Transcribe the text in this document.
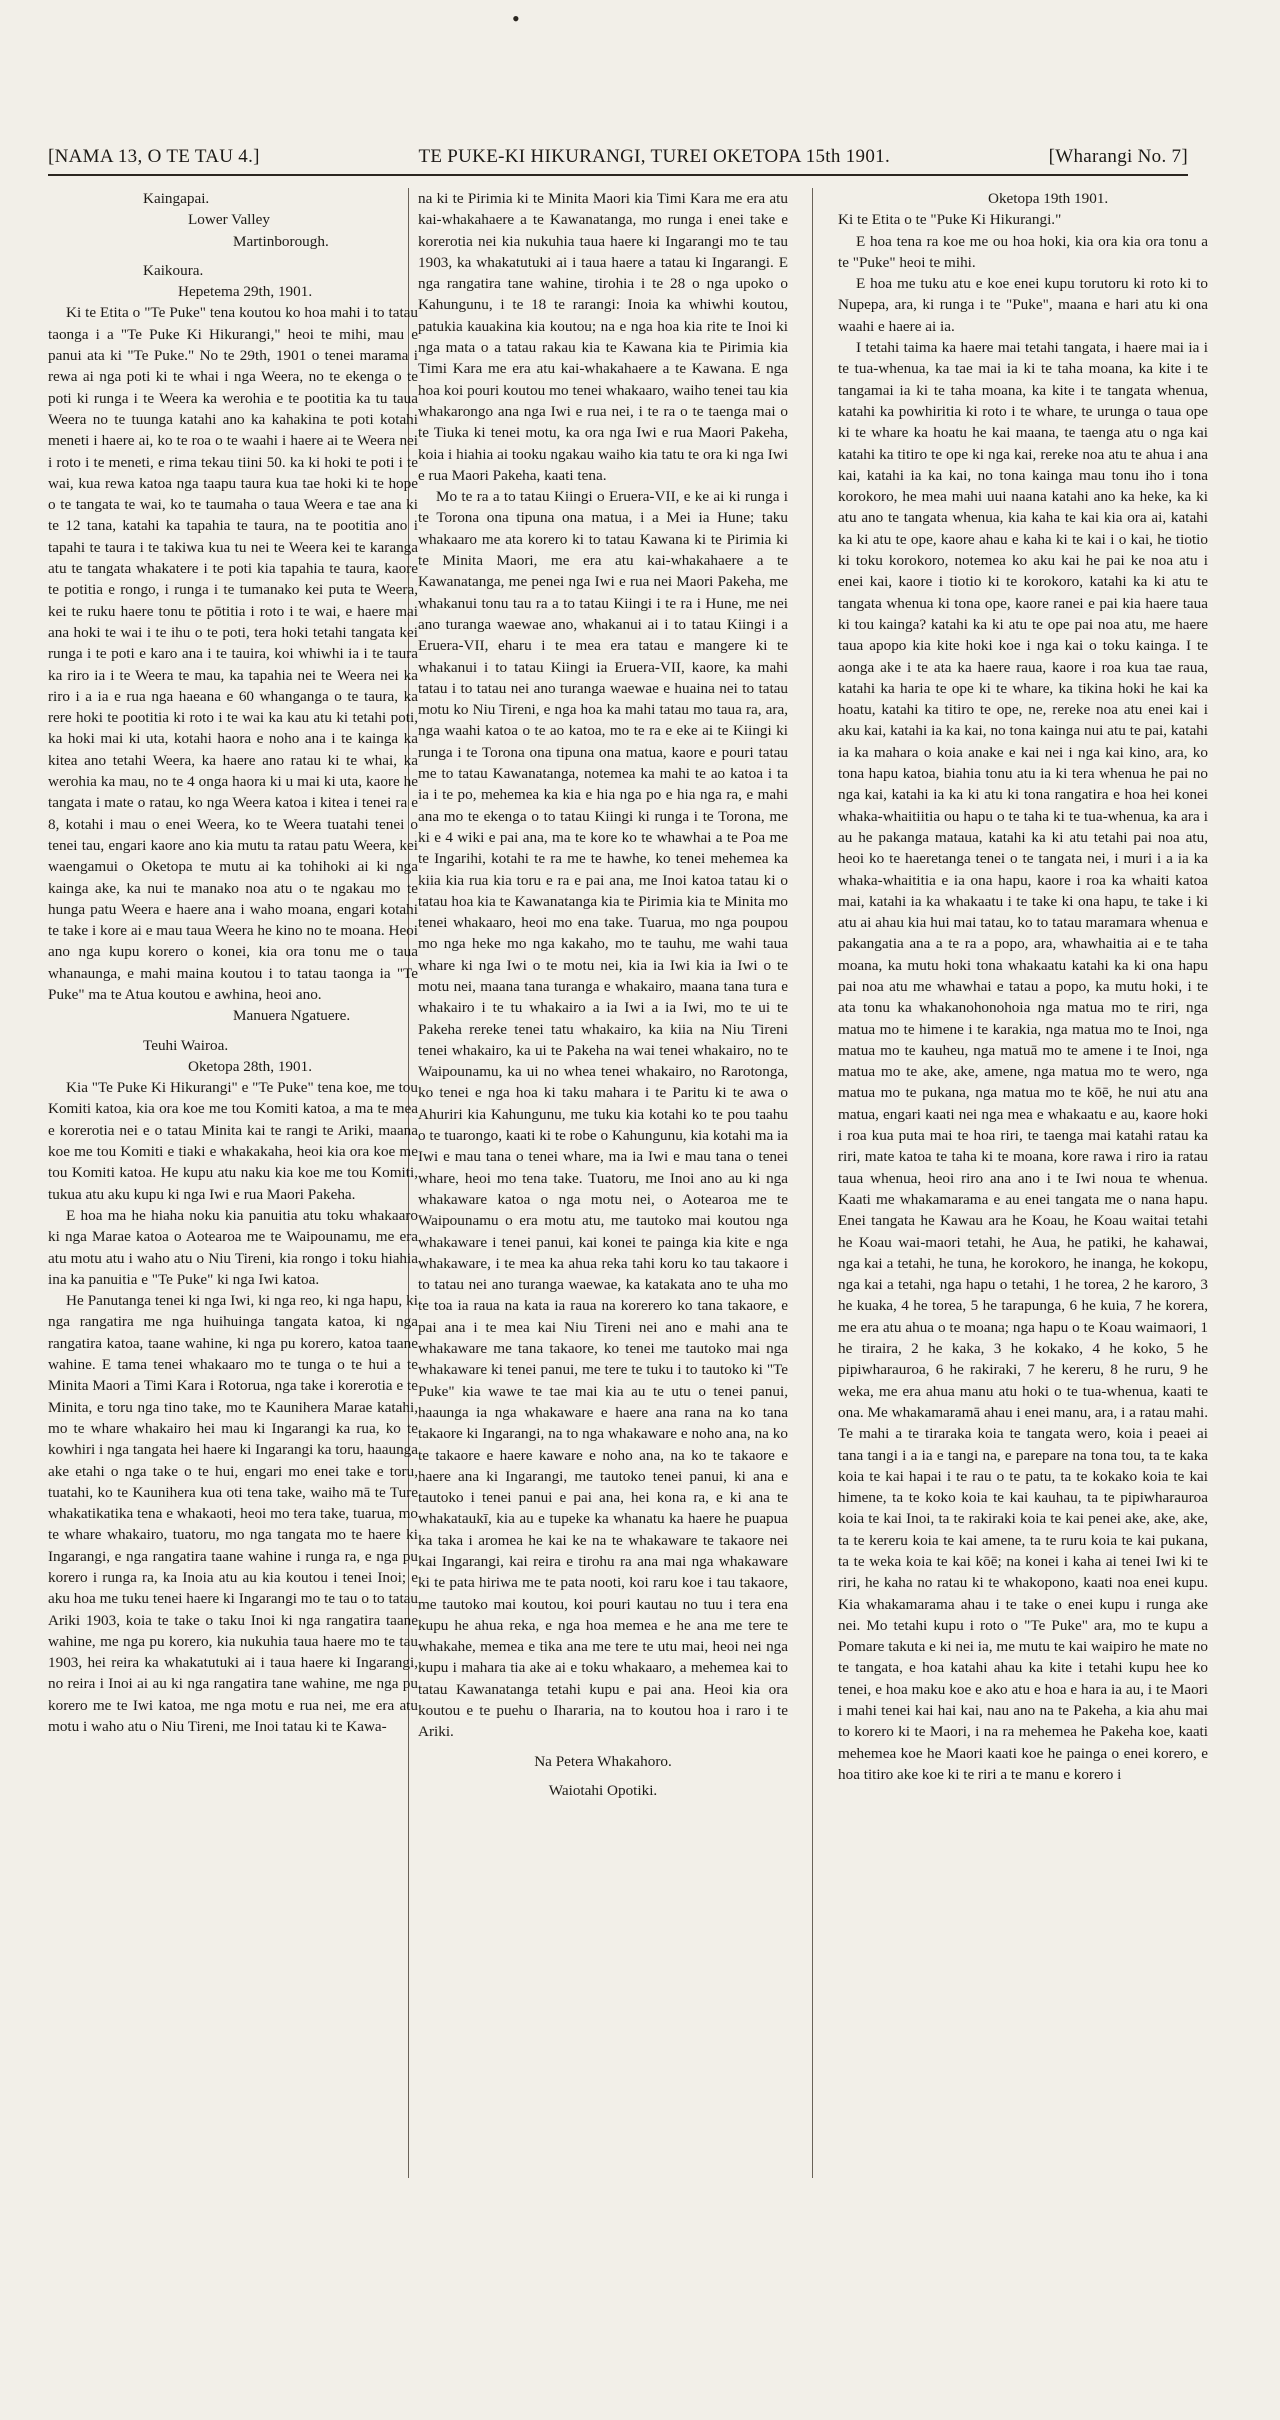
•
[NAMA 13, O TE TAU 4.]	TE PUKE-KI HIKURANGI, TUREI OKETOPA 15th 1901.	[Wharangi No. 7]

Kaingapai.

Lower Valley

Martinborough.

Kaikoura.

Hepetema 29th, 1901.

Ki te Etita o "Te Puke" tena koutou ko hoa mahi i to tatau taonga i a "Te Puke Ki Hikurangi," heoi te mihi, mau e panui ata ki "Te Puke." No te 29th, 1901 o tenei marama i rewa ai nga poti ki te whai i nga Weera, no te ekenga o te poti ki runga i te Weera ka werohia e te pootitia ka tu taua Weera no te tuunga katahi ano ka kahakina te poti kotahi meneti i haere ai, ko te roa o te waahi i haere ai te Weera nei i roto i te meneti, e rima tekau tiini 50. ka ki hoki te poti i te wai, kua rewa katoa nga taapu taura kua tae hoki ki te hope o te tangata te wai, ko te taumaha o taua Weera e tae ana ki te 12 tana, katahi ka tapahia te taura, na te pootitia ano i tapahi te taura i te takiwa kua tu nei te Weera kei te karanga atu te tangata whakatere i te poti kia tapahia te taura, kaore te potitia e rongo, i runga i te tumanako kei puta te Weera, kei te ruku haere tonu te pōtitia i roto i te wai, e haere mai ana hoki te wai i te ihu o te poti, tera hoki tetahi tangata kei runga i te poti e karo ana i te tauira, koi whiwhi ia i te taura ka riro ia i te Weera te mau, ka tapahia nei te Weera nei ka riro i a ia e rua nga haeana e 60 whanganga o te taura, ka rere hoki te pootitia ki roto i te wai ka kau atu ki tetahi poti, ka hoki mai ki uta, kotahi haora e noho ana i te kainga ka kitea ano tetahi Weera, ka haere ano ratau ki te whai, ka werohia ka mau, no te 4 onga haora ki u mai ki uta, kaore he tangata i mate o ratau, ko nga Weera katoa i kitea i tenei ra e 8, kotahi i mau o enei Weera, ko te Weera tuatahi tenei o tenei tau, engari kaore ano kia mutu ta ratau patu Weera, kei waengamui o Oketopa te mutu ai ka tohihoki ai ki nga kainga ake, ka nui te manako noa atu o te ngakau mo te hunga patu Weera e haere ana i waho moana, engari kotahi te take i kore ai e mau taua Weera he kino no te moana. Heoi ano nga kupu korero o konei, kia ora tonu me o taua whanaunga, e mahi maina koutou i to tatau taonga ia "Te Puke" ma te Atua koutou e awhina, heoi ano.

Manuera Ngatuere.

Teuhi Wairoa.

Oketopa 28th, 1901.

Kia "Te Puke Ki Hikurangi" e "Te Puke" tena koe, me tou Komiti katoa, kia ora koe me tou Komiti katoa, a ma te mea e korerotia nei e o tatau Minita kai te rangi te Ariki, maana koe me tou Komiti e tiaki e whakakaha, heoi kia ora koe me tou Komiti katoa. He kupu atu naku kia koe me tou Komiti, tukua atu aku kupu ki nga Iwi e rua Maori Pakeha.

E hoa ma he hiaha noku kia panuitia atu toku whakaaro ki nga Marae katoa o Aotearoa me te Waipounamu, me era atu motu atu i waho atu o Niu Tireni, kia rongo i toku hiahia ina ka panuitia e "Te Puke" ki nga Iwi katoa.

He Panutanga tenei ki nga Iwi, ki nga reo, ki nga hapu, ki nga rangatira me nga huihuinga tangata katoa, ki nga rangatira katoa, taane wahine, ki nga pu korero, katoa taane wahine. E tama tenei whakaaro mo te tunga o te hui a te Minita Maori a Timi Kara i Rotorua, nga take i korerotia e te Minita, e toru nga tino take, mo te Kaunihera Marae katahi, mo te whare whakairo hei mau ki Ingarangi ka rua, ko te kowhiri i nga tangata hei haere ki Ingarangi ka toru, haaunga ake etahi o nga take o te hui, engari mo enei take e toru, tuatahi, ko te Kaunihera kua oti tena take, waiho mā te Ture whakatikatika tena e whakaoti, heoi mo tera take, tuarua, mo te whare whakairo, tuatoru, mo nga tangata mo te haere ki Ingarangi, e nga rangatira taane wahine i runga ra, e nga pu korero i runga ra, ka Inoia atu au kia koutou i tenei Inoi; e aku hoa me tuku tenei haere ki Ingarangi mo te tau o to tatau Ariki 1903, koia te take o taku Inoi ki nga rangatira taane wahine, me nga pu korero, kia nukuhia taua haere mo te tau 1903, hei reira ka whakatutuki ai i taua haere ki Ingarangi, no reira i Inoi ai au ki nga rangatira tane wahine, me nga pu korero me te Iwi katoa, me nga motu e rua nei, me era atu motu i waho atu o Niu Tireni, me Inoi tatau ki te Kawa-

na ki te Pirimia ki te Minita Maori kia Timi Kara me era atu kai-whakahaere a te Kawanatanga, mo runga i enei take e korerotia nei kia nukuhia taua haere ki Ingarangi mo te tau 1903, ka whakatutuki ai i taua haere a tatau ki Ingarangi. E nga rangatira tane wahine, tirohia i te 28 o nga upoko o Kahungunu, i te 18 te rarangi: Inoia ka whiwhi koutou, patukia kauakina kia koutou; na e nga hoa kia rite te Inoi ki nga mata o a tatau rakau kia te Kawana kia te Pirimia kia Timi Kara me era atu kai-whakahaere a te Kawana. E nga hoa koi pouri koutou mo tenei whakaaro, waiho tenei tau kia whakarongo ana nga Iwi e rua nei, i te ra o te taenga mai o te Tiuka ki tenei motu, ka ora nga Iwi e rua Maori Pakeha, koia i hiahia ai tooku ngakau waiho kia tatu te ora ki nga Iwi e rua Maori Pakeha, kaati tena.

Mo te ra a to tatau Kiingi o Eruera-VII, e ke ai ki runga i te Torona ona tipuna ona matua, i a Mei ia Hune; taku whakaaro me ata korero ki to tatau Kawana ki te Pirimia ki te Minita Maori, me era atu kai-whakahaere a te Kawanatanga, me penei nga Iwi e rua nei Maori Pakeha, me whakanui tonu tau ra a to tatau Kiingi i te ra i Hune, me nei ano turanga waewae ano, whakanui ai i to tatau Kiingi i a Eruera-VII, eharu i te mea era tatau e mangere ki te whakanui i to tatau Kiingi ia Eruera-VII, kaore, ka mahi tatau i to tatau nei ano turanga waewae e huaina nei to tatau motu ko Niu Tireni, e nga hoa ka mahi tatau mo taua ra, ara, nga waahi katoa o te ao katoa, mo te ra e eke ai te Kiingi ki runga i te Torona ona tipuna ona matua, kaore e pouri tatau me to tatau Kawanatanga, notemea ka mahi te ao katoa i ta ia i te po, mehemea ka kia e hia nga po e hia nga ra, e mahi ana mo te ekenga o to tatau Kiingi ki runga i te Torona, me ki e 4 wiki e pai ana, ma te kore ko te whawhai a te Poa me te Ingarihi, kotahi te ra me te hawhe, ko tenei mehemea ka kiia kia rua kia toru e ra e pai ana, me Inoi katoa tatau ki o tatau hoa kia te Kawanatanga kia te Pirimia kia te Minita mo tenei whakaaro, heoi mo ena take. Tuarua, mo nga poupou mo nga heke mo nga kakaho, mo te tauhu, me wahi taua whare ki nga Iwi o te motu nei, kia ia Iwi kia ia Iwi o te motu nei, maana tana turanga e whakairo, maana tana tura e whakairo i te tu whakairo a ia Iwi a ia Iwi, mo te ui te Pakeha rereke tenei tatu whakairo, ka kiia na Niu Tireni tenei whakairo, ka ui te Pakeha na wai tenei whakairo, no te Waipounamu, ka ui no whea tenei whakairo, no Rarotonga, ko tenei e nga hoa ki taku mahara i te Paritu ki te awa o Ahuriri kia Kahungunu, me tuku kia kotahi ko te pou taahu o te tuarongo, kaati ki te robe o Kahungunu, kia kotahi ma ia Iwi e mau tana o tenei whare, ma ia Iwi e mau tana o tenei whare, heoi mo tena take. Tuatoru, me Inoi ano au ki nga whakaware katoa o nga motu nei, o Aotearoa me te Waipounamu o era motu atu, me tautoko mai koutou nga whakaware i tenei panui, kai konei te painga kia kite e nga whakaware, i te mea ka ahua reka tahi koru ko tau takaore i to tatau nei ano turanga waewae, ka katakata ano te uha mo te toa ia raua na kata ia raua na korerero ko tana takaore, e pai ana i te mea kai Niu Tireni nei ano e mahi ana te whakaware me tana takaore, ko tenei me tautoko mai nga whakaware ki tenei panui, me tere te tuku i to tautoko ki "Te Puke" kia wawe te tae mai kia au te utu o tenei panui, haaunga ia nga whakaware e haere ana rana na ko tana takaore ki Ingarangi, na to nga whakaware e noho ana, na ko te takaore e haere kaware e noho ana, na ko te takaore e haere ana ki Ingarangi, me tautoko tenei panui, ki ana e tautoko i tenei panui e pai ana, hei kona ra, e ki ana te whakataukī, kia au e tupeke ka whanatu ka haere he puapua ka taka i aromea he kai ke na te whakaware te takaore nei kai Ingarangi, kai reira e tirohu ra ana mai nga whakaware ki te pata hiriwa me te pata nooti, koi raru koe i tau takaore, me tautoko mai koutou, koi pouri kautau no tuu i tera ena kupu he ahua reka, e nga hoa memea e he ana me tere te whakahe, memea e tika ana me tere te utu mai, heoi nei nga kupu i mahara tia ake ai e toku whakaaro, a mehemea kai to tatau Kawanatanga tetahi kupu e pai ana. Heoi kia ora koutou e te puehu o Ihararia, na to koutou hoa i raro i te Ariki.

Na Petera Whakahoro.

Waiotahi Opotiki.

Oketopa 19th 1901.

Ki te Etita o te "Puke Ki Hikurangi."

E hoa tena ra koe me ou hoa hoki, kia ora kia ora tonu a te "Puke" heoi te mihi.

E hoa me tuku atu e koe enei kupu torutoru ki roto ki to Nupepa, ara, ki runga i te "Puke", maana e hari atu ki ona waahi e haere ai ia.

I tetahi taima ka haere mai tetahi tangata, i haere mai ia i te tua-whenua, ka tae mai ia ki te taha moana, ka kite i te tangamai ia ki te taha moana, ka kite i te tangata whenua, katahi ka powhiritia ki roto i te whare, te urunga o taua ope ki te whare ka hoatu he kai maana, te taenga atu o nga kai katahi ka titiro te ope ki nga kai, rereke noa atu te ahua i ana kai, katahi ia ka kai, no tona kainga mau tonu iho i tona korokoro, he mea mahi uui naana katahi ano ka heke, ka ki atu ano te tangata whenua, kia kaha te kai kia ora ai, katahi ka ki atu te ope, kaore ahau e kaha ki te kai i o kai, he tiotio ki toku korokoro, notemea ko aku kai he pai ke noa atu i enei kai, kaore i tiotio ki te korokoro, katahi ka ki atu te tangata whenua ki tona ope, kaore ranei e pai kia haere taua ki tou kainga? katahi ka ki atu te ope pai noa atu, me haere taua apopo kia kite hoki koe i nga kai o toku kainga. I te aonga ake i te ata ka haere raua, kaore i roa kua tae raua, katahi ka haria te ope ki te whare, ka tikina hoki he kai ka hoatu, katahi ka titiro te ope, ne, rereke noa atu enei kai i aku kai, katahi ia ka kai, no tona kainga nui atu te pai, katahi ia ka mahara o koia anake e kai nei i nga kai kino, ara, ko tona hapu katoa, biahia tonu atu ia ki tera whenua he pai no nga kai, katahi ia ka ki atu ki tona rangatira e hoa hei konei whaka-whaitiitia ou hapu o te taha ki te tua-whenua, ka ara i au he pakanga mataua, katahi ka ki atu tetahi pai noa atu, heoi ko te haeretanga tenei o te tangata nei, i muri i a ia ka whaka-whaititia e ia ona hapu, kaore i roa ka whaiti katoa mai, katahi ia ka whakaatu i te take ki ona hapu, te take i ki atu ai ahau kia hui mai tatau, ko to tatau maramara whenua e pakangatia ana a te ra a popo, ara, whawhaitia ai e te taha moana, ka mutu hoki tona whakaatu katahi ka ki ona hapu pai noa atu me whawhai e tatau a popo, ka mutu hoki, i te ata tonu ka whakanohonohoia nga matua mo te riri, nga matua mo te himene i te karakia, nga matua mo te Inoi, nga matua mo te kauheu, nga matuā mo te amene i te Inoi, nga matua mo te ake, ake, amene, nga matua mo te wero, nga matua mo te pukana, nga matua mo te kōē, he nui atu ana matua, engari kaati nei nga mea e whakaatu e au, kaore hoki i roa kua puta mai te hoa riri, te taenga mai katahi ratau ka riri, mate katoa te taha ki te moana, kore rawa i riro ia ratau taua whenua, heoi riro ana ano i te Iwi noua te whenua. Kaati me whakamarama e au enei tangata me o nana hapu. Enei tangata he Kawau ara he Koau, he Koau waitai tetahi he Koau wai-maori tetahi, he Aua, he patiki, he kahawai, nga kai a tetahi, he tuna, he korokoro, he inanga, he kokopu, nga kai a tetahi, nga hapu o tetahi, 1 he torea, 2 he karoro, 3 he kuaka, 4 he torea, 5 he tarapunga, 6 he kuia, 7 he korera, me era atu ahua o te moana; nga hapu o te Koau waimaori, 1 he tiraira, 2 he kaka, 3 he kokako, 4 he koko, 5 he pipiwharauroa, 6 he rakiraki, 7 he kereru, 8 he ruru, 9 he weka, me era ahua manu atu hoki o te tua-whenua, kaati te ona. Me whakamaramā ahau i enei manu, ara, i a ratau mahi. Te mahi a te tiraraka koia te tangata wero, koia i peaei ai tana tangi i a ia e tangi na, e parepare na tona tou, ta te kaka koia te kai hapai i te rau o te patu, ta te kokako koia te kai himene, ta te koko koia te kai kauhau, ta te pipiwharauroa koia te kai Inoi, ta te rakiraki koia te kai penei ake, ake, ake, ta te kereru koia te kai amene, ta te ruru koia te kai pukana, ta te weka koia te kai kōē; na konei i kaha ai tenei Iwi ki te riri, he kaha no ratau ki te whakopono, kaati noa enei kupu. Kia whakamarama ahau i te take o enei kupu i runga ake nei. Mo tetahi kupu i roto o "Te Puke" ara, mo te kupu a Pomare takuta e ki nei ia, me mutu te kai waipiro he mate no te tangata, e hoa katahi ahau ka kite i tetahi kupu hee ko tenei, e hoa maku koe e ako atu e hoa e hara ia au, i te Maori i mahi tenei kai hai kai, nau ano na te Pakeha, a kia ahu mai to korero ki te Maori, i na ra mehemea he Pakeha koe, kaati mehemea koe he Maori kaati koe he painga o enei korero, e hoa titiro ake koe ki te riri a te manu e korero i
